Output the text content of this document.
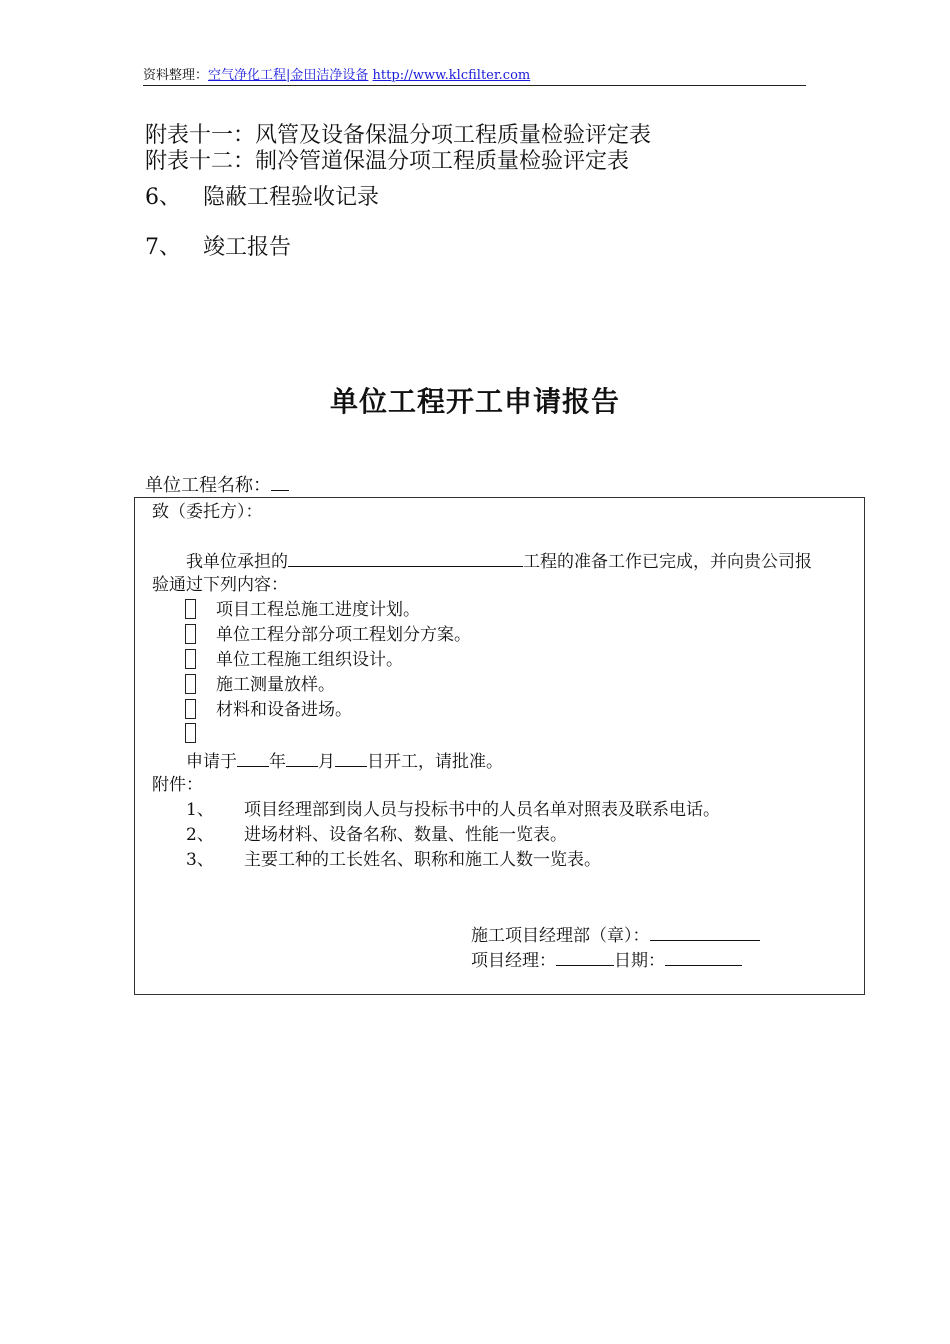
资料整理：空气净化工程|金田洁净设备 http://www.klcfilter.com
附表十一：风管及设备保温分项工程质量检验评定表
附表十二：制冷管道保温分项工程质量检验评定表
6、 隐蔽工程验收记录
7、 竣工报告
单位工程开工申请报告
单位工程名称：
致（委托方）：
我单位承担的	工程的准备工作已完成，并向贵公司报
验通过下列内容：
项目工程总施工进度计划。
单位工程分部分项工程划分方案。
单位工程施工组织设计。
施工测量放样。
材料和设备进场。
申请于 年 月 日开工，请批准。
附件：
1、 项目经理部到岗人员与投标书中的人员名单对照表及联系电话。
2、 进场材料、设备名称、数量、性能一览表。
3、 主要工种的工长姓名、职称和施工人数一览表。
施工项目经理部（章）：
项目经理：	日期：
